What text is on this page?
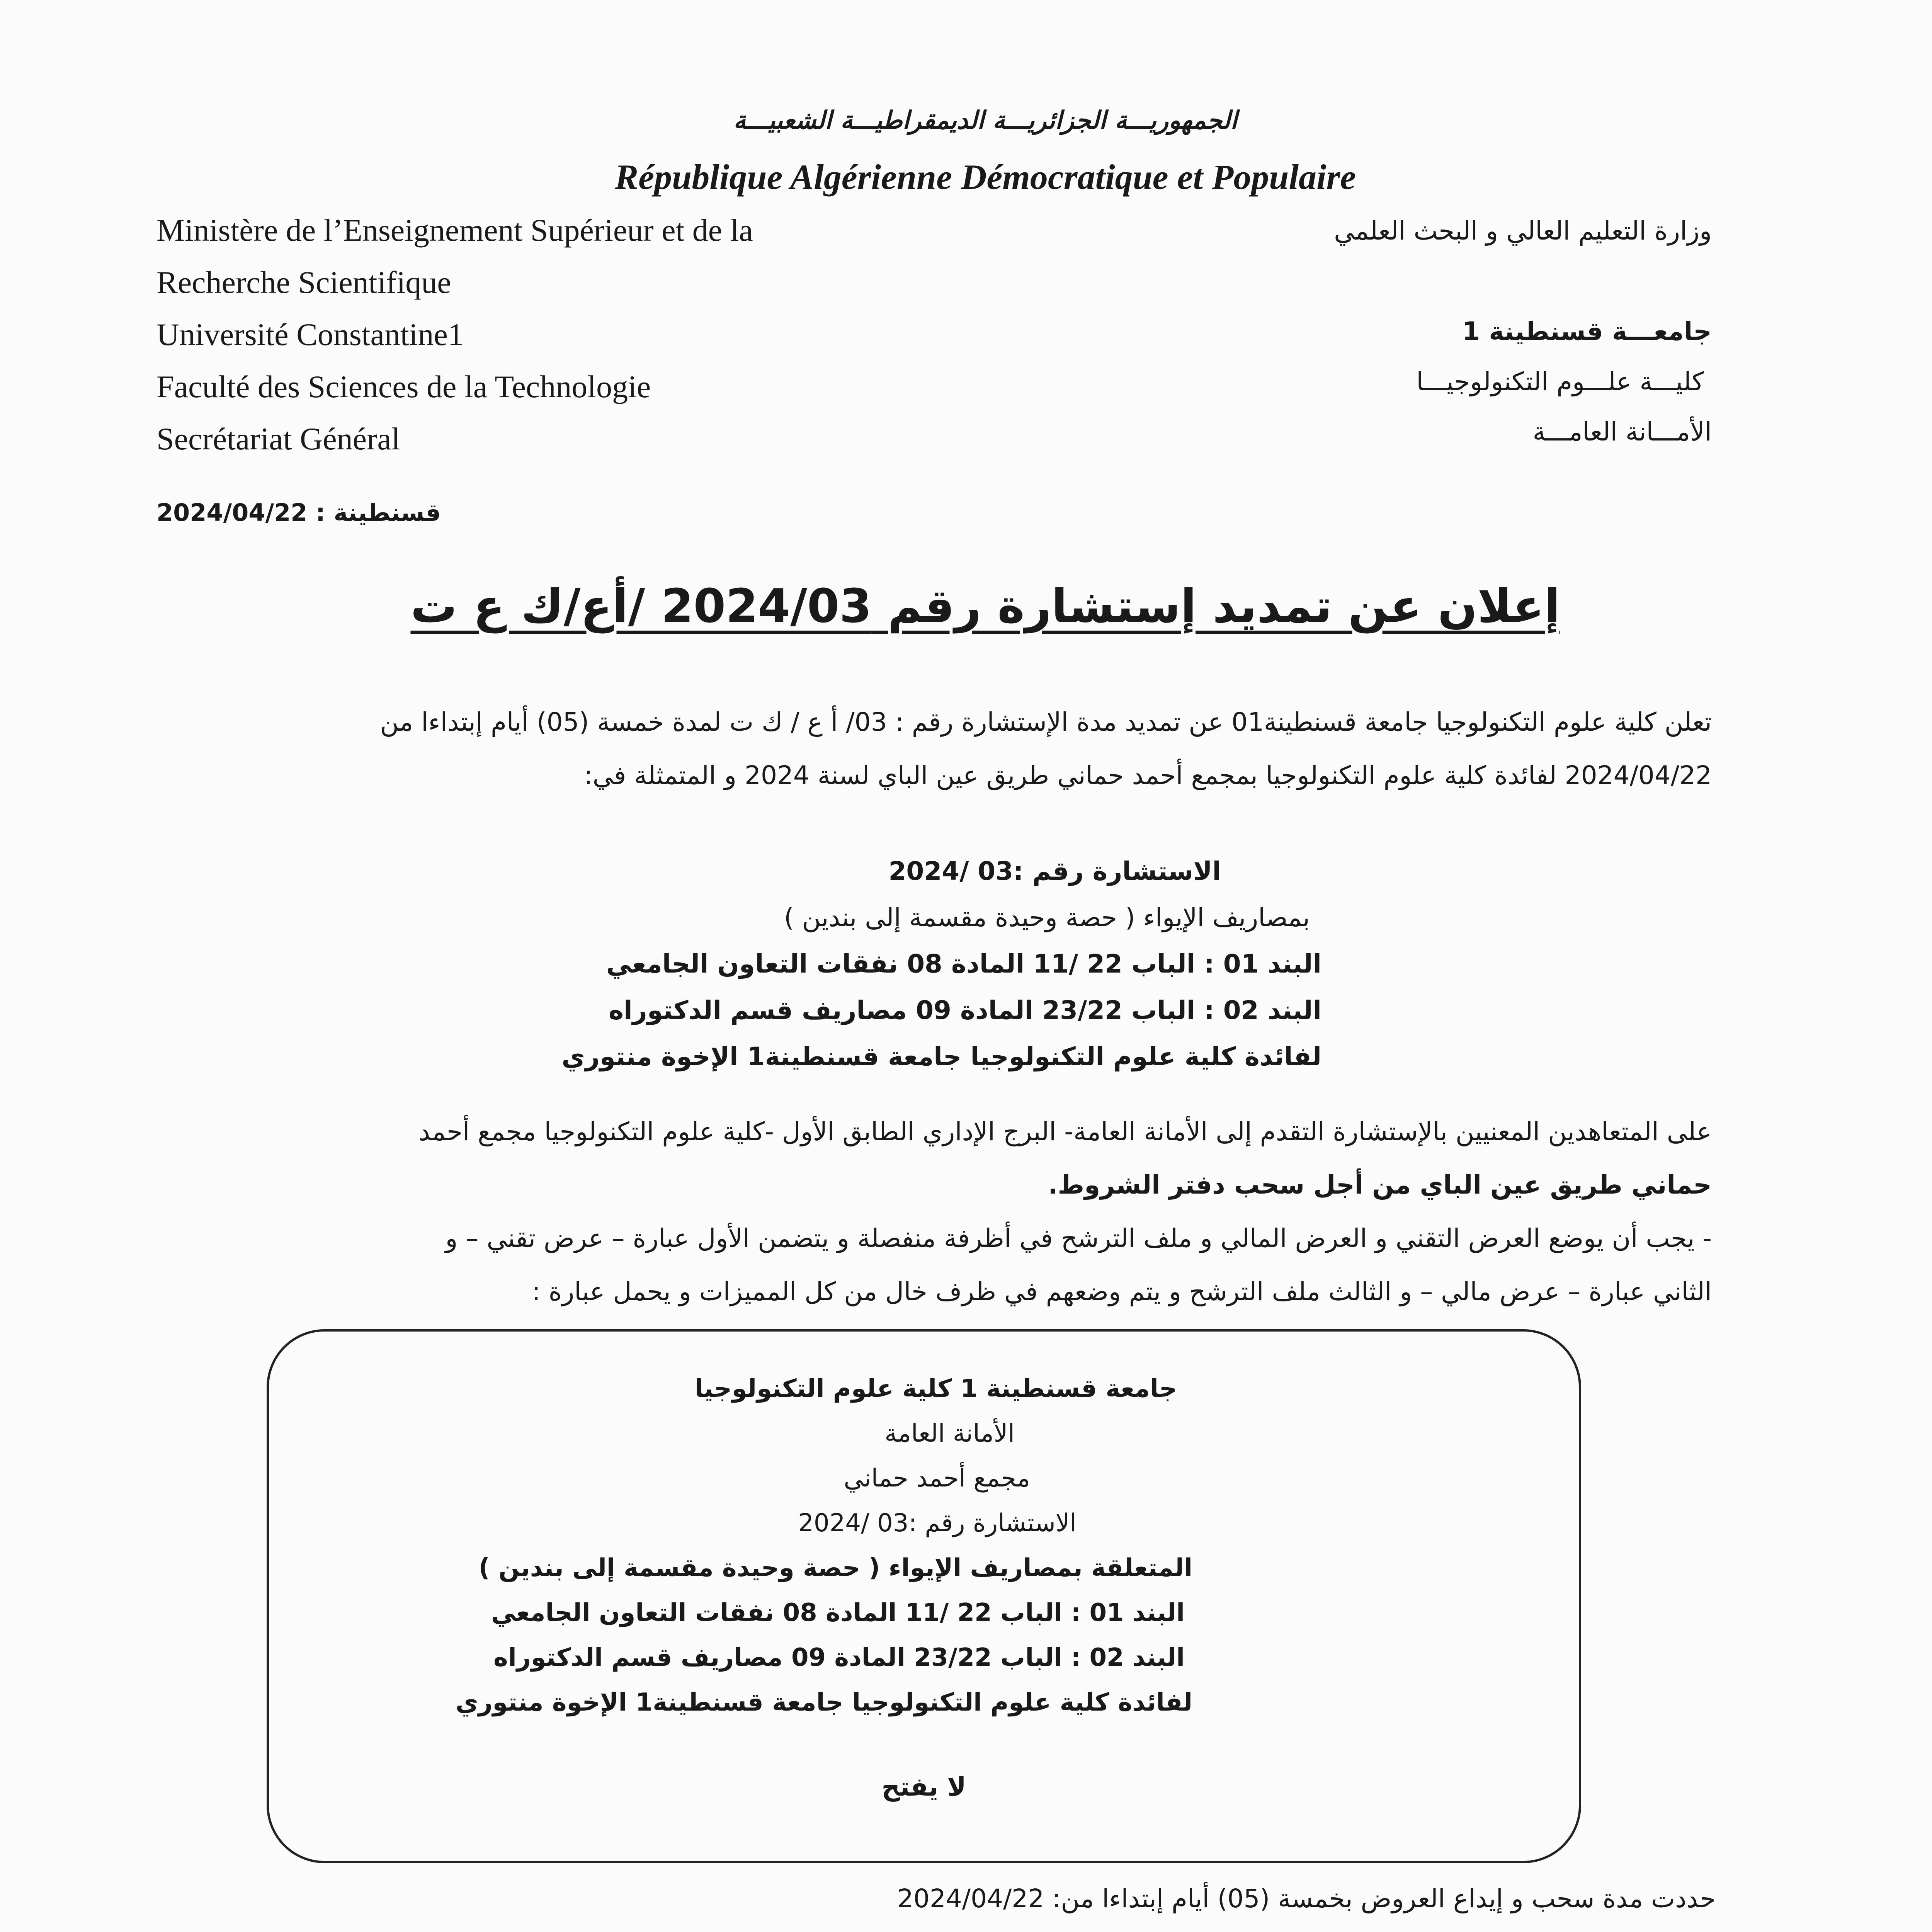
الجمهوريـــة الجزائريـــة الديمقراطيـــة الشعبيـــة
République Algérienne Démocratique et Populaire
Ministère de l’Enseignement Supérieur et de la
Recherche Scientifique
Université Constantine1
Faculté des Sciences de la Technologie
Secrétariat Général
وزارة التعليم العالي و البحث العلمي
جامعـــة قسنطينة 1
كليـــة علـــوم التكنولوجيـــا
الأمـــانة العامـــة
قسنطينة : 2024/04/22
إعلان عن تمديد إستشارة رقم 2024/03 /أع/ك ع ت
تعلن كلية علوم التكنولوجيا جامعة قسنطينة01 عن تمديد مدة الإستشارة رقم : 03/ أ ع / ك ت لمدة خمسة (05) أيام إبتداءا من
2024/04/22 لفائدة كلية علوم التكنولوجيا بمجمع أحمد حماني طريق عين الباي لسنة 2024 و المتمثلة في:
الاستشارة رقم :03 /2024
بمصاريف الإيواء ( حصة وحيدة مقسمة إلى بندين )
البند 01 : الباب 22 /11 المادة 08 نفقات التعاون الجامعي
البند 02 : الباب 23/22 المادة 09 مصاريف قسم الدكتوراه
لفائدة كلية علوم التكنولوجيا جامعة قسنطينة1 الإخوة منتوري
على المتعاهدين المعنيين بالإستشارة التقدم إلى الأمانة العامة- البرج الإداري الطابق الأول -كلية علوم التكنولوجيا مجمع أحمد
حماني طريق عين الباي من أجل سحب دفتر الشروط.
- يجب أن يوضع العرض التقني و العرض المالي و ملف الترشح في أظرفة منفصلة و يتضمن الأول عبارة – عرض تقني – و
الثاني عبارة – عرض مالي – و الثالث ملف الترشح و يتم وضعهم في ظرف خال من كل المميزات و يحمل عبارة :
جامعة قسنطينة 1 كلية علوم التكنولوجيا
الأمانة العامة
مجمع أحمد حماني
الاستشارة رقم :03 /2024
المتعلقة بمصاريف الإيواء ( حصة وحيدة مقسمة إلى بندين )
البند 01 : الباب 22 /11 المادة 08 نفقات التعاون الجامعي
البند 02 : الباب 23/22 المادة 09 مصاريف قسم الدكتوراه
لفائدة كلية علوم التكنولوجيا جامعة قسنطينة1 الإخوة منتوري
لا يفتح
حددت مدة سحب و إيداع العروض بخمسة (05) أيام إبتداءا من: 2024/04/22
